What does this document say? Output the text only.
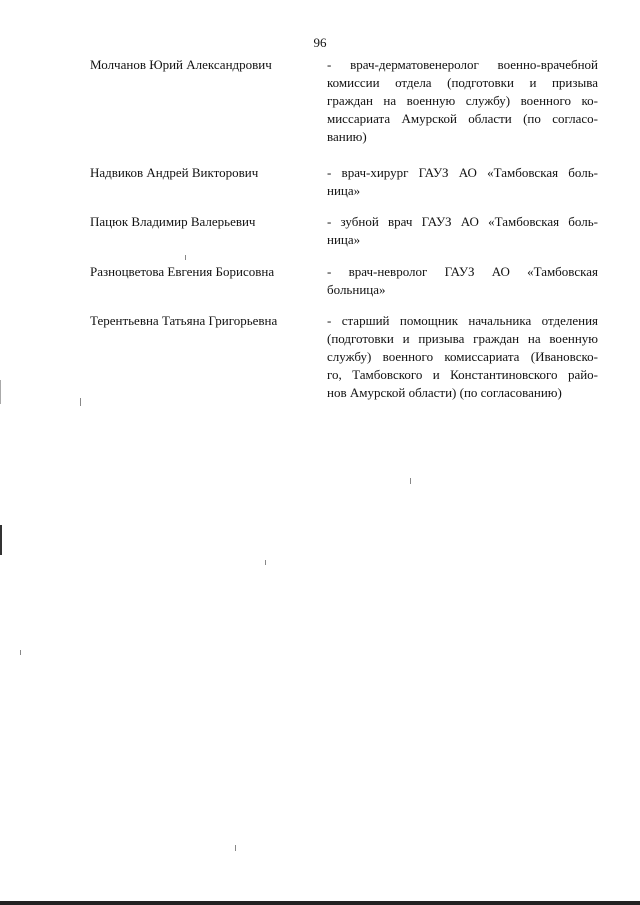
96
Молчанов Юрий Александрович	- врач-дерматовенеролог военно-врачебной
комиссии отдела (подготовки и призыва
граждан на военную службу) военного ко-
миссариата Амурской области (по согласо-
ванию)
Надвиков Андрей Викторович	- врач-хирург ГАУЗ АО «Тамбовская боль-
ница»
Пацюк Владимир Валерьевич	- зубной врач ГАУЗ АО «Тамбовская боль-
ница»
Разноцветова Евгения Борисовна	- врач-невролог ГАУЗ АО «Тамбовская
больница»
Терентьевна Татьяна Григорьевна	- старший помощник начальника отделения
(подготовки и призыва граждан на военную
службу) военного комиссариата (Ивановско-
го, Тамбовского и Константиновского райо-
нов Амурской области) (по согласованию)
